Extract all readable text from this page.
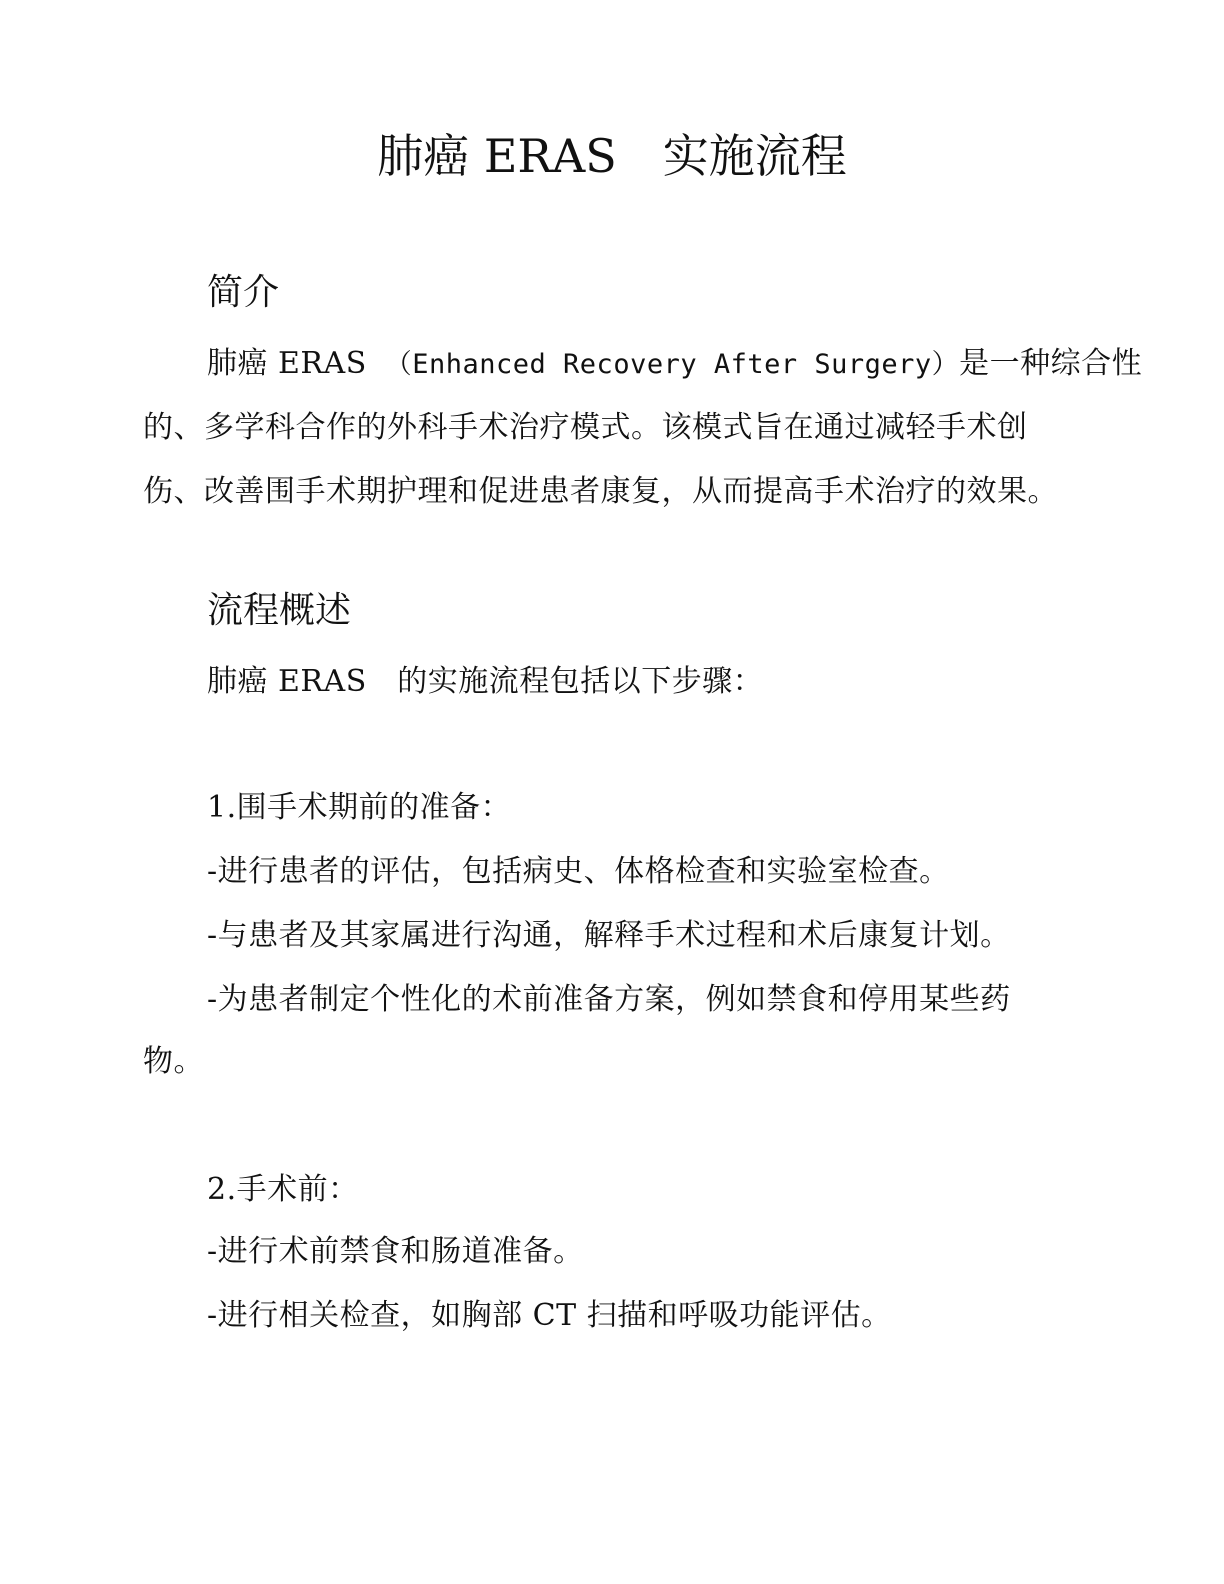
肺癌 ERAS　实施流程
简介
肺癌 ERAS （Enhanced Recovery After Surgery）是一种综合性
的、多学科合作的外科手术治疗模式。该模式旨在通过减轻手术创
伤、改善围手术期护理和促进患者康复，从而提高手术治疗的效果。
流程概述
肺癌 ERAS　的实施流程包括以下步骤：
1.围手术期前的准备：
-进行患者的评估，包括病史、体格检查和实验室检查。
-与患者及其家属进行沟通，解释手术过程和术后康复计划。
-为患者制定个性化的术前准备方案，例如禁食和停用某些药
物。
2.手术前：
-进行术前禁食和肠道准备。
-进行相关检查，如胸部 CT 扫描和呼吸功能评估。
